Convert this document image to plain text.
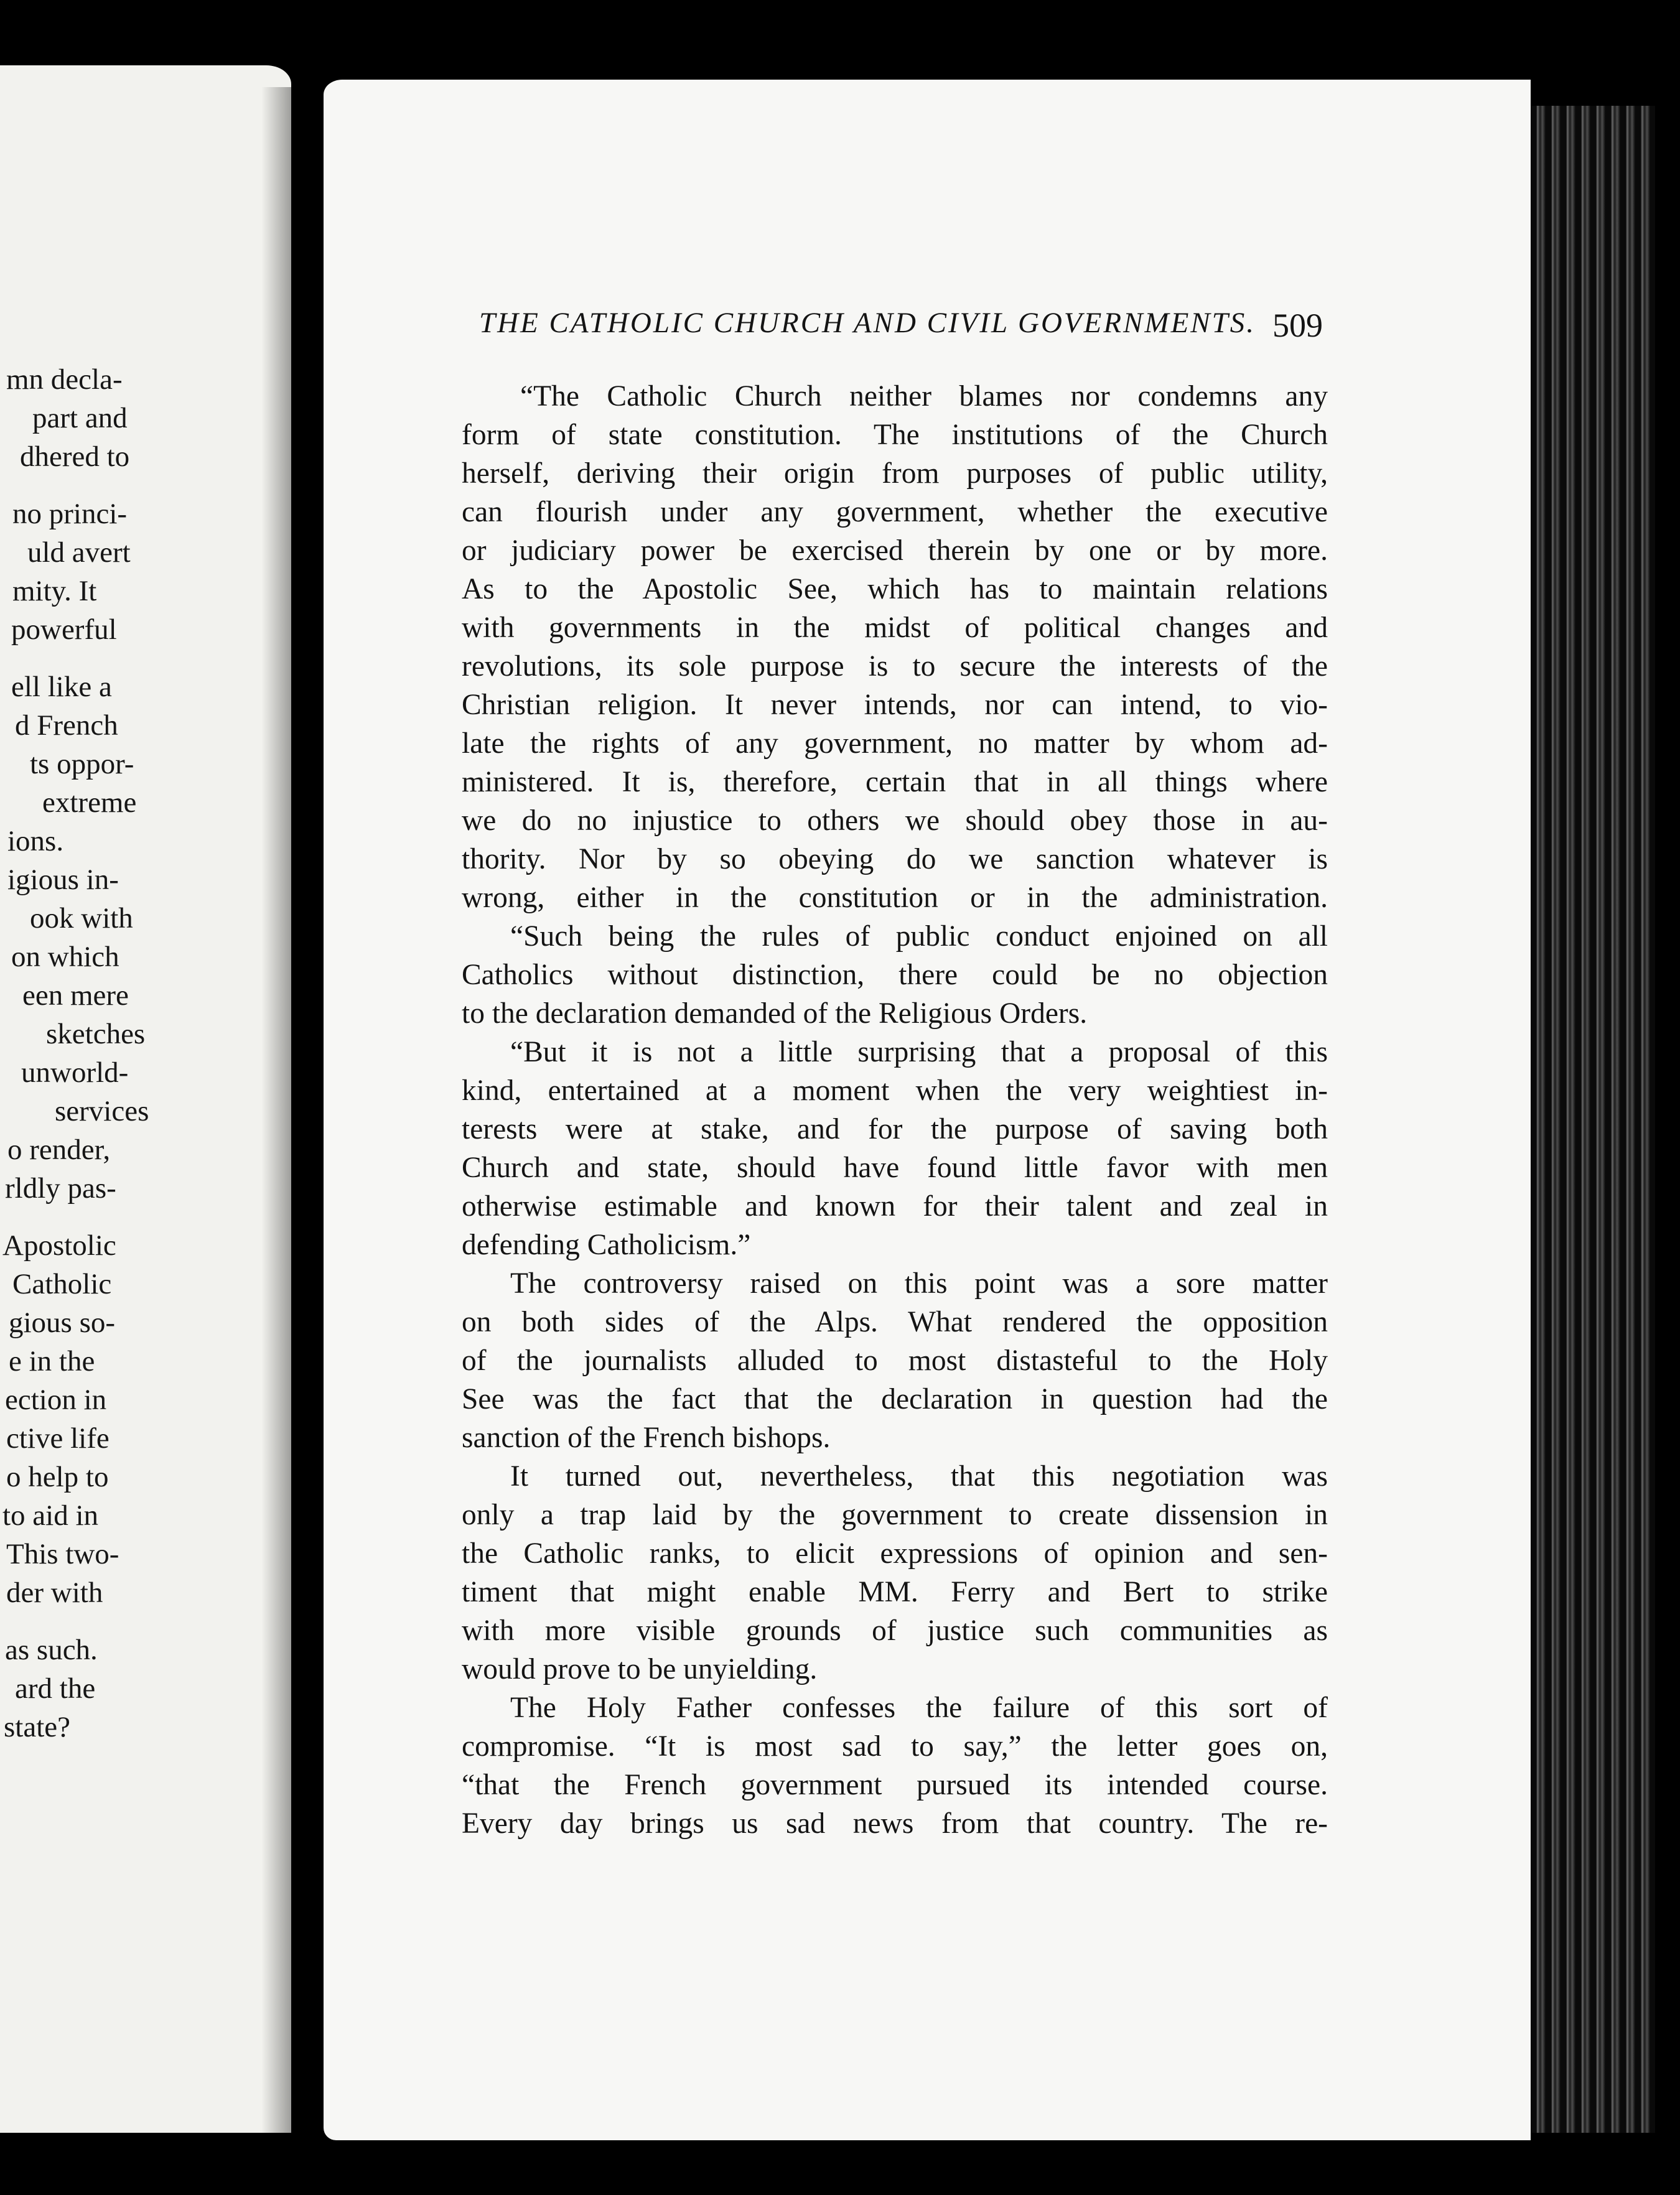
mn decla-
part and
dhered to
no princi-
uld avert
mity. It
powerful
ell like a
d French
ts oppor-
extreme
ions.
igious in-
ook with
on which
een mere
sketches
unworld-
services
o render,
rldly pas-
Apostolic
Catholic
gious so-
e in the
ection in
ctive life
o help to
to aid in
This two-
der with
as such.
ard the
state?
THE CATHOLIC CHURCH AND CIVIL GOVERNMENTS. 509
“The Catholic Church neither blames nor condemns any
form of state constitution. The institutions of the Church
herself, deriving their origin from purposes of public utility,
can flourish under any government, whether the executive
or judiciary power be exercised therein by one or by more.
As to the Apostolic See, which has to maintain relations
with governments in the midst of political changes and
revolutions, its sole purpose is to secure the interests of the
Christian religion. It never intends, nor can intend, to vio-
late the rights of any government, no matter by whom ad-
ministered. It is, therefore, certain that in all things where
we do no injustice to others we should obey those in au-
thority. Nor by so obeying do we sanction whatever is
wrong, either in the constitution or in the administration.
“Such being the rules of public conduct enjoined on all
Catholics without distinction, there could be no objection
to the declaration demanded of the Religious Orders.
“But it is not a little surprising that a proposal of this
kind, entertained at a moment when the very weightiest in-
terests were at stake, and for the purpose of saving both
Church and state, should have found little favor with men
otherwise estimable and known for their talent and zeal in
defending Catholicism.”
The controversy raised on this point was a sore matter
on both sides of the Alps. What rendered the opposition
of the journalists alluded to most distasteful to the Holy
See was the fact that the declaration in question had the
sanction of the French bishops.
It turned out, nevertheless, that this negotiation was
only a trap laid by the government to create dissension in
the Catholic ranks, to elicit expressions of opinion and sen-
timent that might enable MM. Ferry and Bert to strike
with more visible grounds of justice such communities as
would prove to be unyielding.
The Holy Father confesses the failure of this sort of
compromise. “It is most sad to say,” the letter goes on,
“that the French government pursued its intended course.
Every day brings us sad news from that country. The re-
